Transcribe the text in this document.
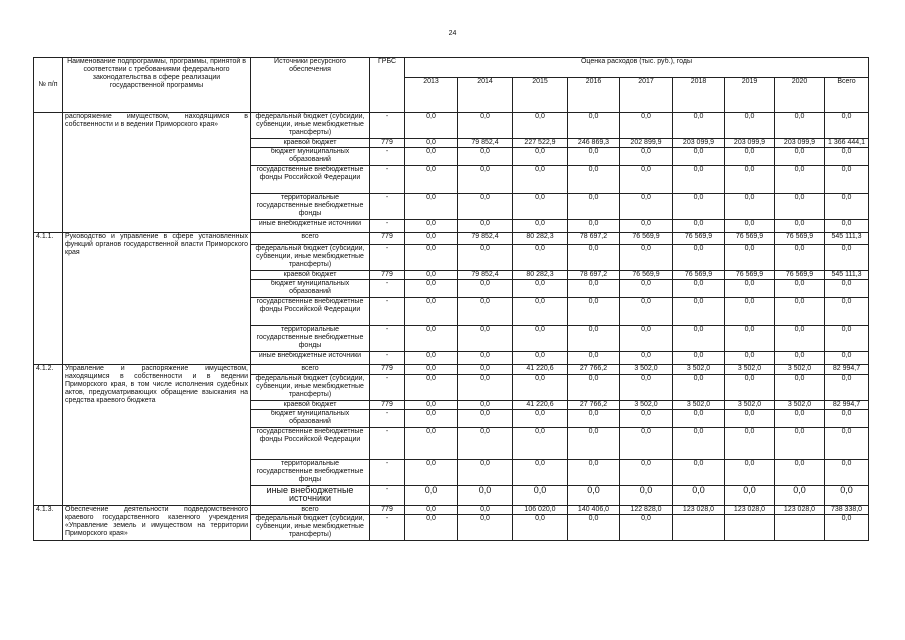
24
№ п/п	Наименование подпрограммы, программы, принятой в соответствии с требованиями федерального законодательства в сфере реализации государственной программы	Источники ресурсного обеспечения	ГРБС	Оценка расходов (тыс. руб.), годы								
				2013	2014	2015	2016	2017	2018	2019	2020	Всего
	распоряжение имуществом, находящимся в собственности и в ведении Приморского края»	федеральный бюджет (субсидии, субвенции, иные межбюджетные трансферты)	-	0,0	0,0	0,0	0,0	0,0	0,0	0,0	0,0	0,0
		краевой бюджет	779	0,0	79 852,4	227 522,9	246 869,3	202 899,9	203 099,9	203 099,9	203 099,9	1 366 444,1
		бюджет муниципальных образований	-	0,0	0,0	0,0	0,0	0,0	0,0	0,0	0,0	0,0
		государственные внебюджетные фонды Российской Федерации	-	0,0	0,0	0,0	0,0	0,0	0,0	0,0	0,0	0,0
		территориальные государственные внебюджетные фонды	-	0,0	0,0	0,0	0,0	0,0	0,0	0,0	0,0	0,0
		иные внебюджетные источники	-	0,0	0,0	0,0	0,0	0,0	0,0	0,0	0,0	0,0
4.1.1.	Руководство и управление в сфере установленных функций органов государственной власти Приморского края	всего	779	0,0	79 852,4	80 282,3	78 697,2	76 569,9	76 569,9	76 569,9	76 569,9	545 111,3
		федеральный бюджет (субсидии, субвенции, иные межбюджетные трансферты)	-	0,0	0,0	0,0	0,0	0,0	0,0	0,0	0,0	0,0
		краевой бюджет	779	0,0	79 852,4	80 282,3	78 697,2	76 569,9	76 569,9	76 569,9	76 569,9	545 111,3
		бюджет муниципальных образований	-	0,0	0,0	0,0	0,0	0,0	0,0	0,0	0,0	0,0
		государственные внебюджетные фонды Российской Федерации	-	0,0	0,0	0,0	0,0	0,0	0,0	0,0	0,0	0,0
		территориальные государственные внебюджетные фонды	-	0,0	0,0	0,0	0,0	0,0	0,0	0,0	0,0	0,0
		иные внебюджетные источники	-	0,0	0,0	0,0	0,0	0,0	0,0	0,0	0,0	0,0
4.1.2.	Управление и распоряжение имуществом, находящимся в собственности и в ведении Приморского края, в том числе исполнения судебных актов, предусматривающих обращение взыскания на средства краевого бюджета	всего	779	0,0	0,0	41 220,6	27 766,2	3 502,0	3 502,0	3 502,0	3 502,0	82 994,7
		федеральный бюджет (субсидии, субвенции, иные межбюджетные трансферты)	-	0,0	0,0	0,0	0,0	0,0	0,0	0,0	0,0	0,0
		краевой бюджет	779	0,0	0,0	41 220,6	27 766,2	3 502,0	3 502,0	3 502,0	3 502,0	82 994,7
		бюджет муниципальных образований	-	0,0	0,0	0,0	0,0	0,0	0,0	0,0	0,0	0,0
		государственные внебюджетные фонды Российской Федерации	-	0,0	0,0	0,0	0,0	0,0	0,0	0,0	0,0	0,0
		территориальные государственные внебюджетные фонды	-	0,0	0,0	0,0	0,0	0,0	0,0	0,0	0,0	0,0
		иные внебюджетные источники	-	0,0	0,0	0,0	0,0	0,0	0,0	0,0	0,0	0,0
4.1.3.	Обеспечение деятельности подведомственного краевого государственного казенного учреждения «Управление земель и имуществом на территории Приморского края»	всего	779	0,0	0,0	106 020,0	140 406,0	122 828,0	123 028,0	123 028,0	123 028,0	738 338,0
		федеральный бюджет (субсидии, субвенции, иные межбюджетные трансферты)	-	0,0	0,0	0,0	0,0	0,0				0,0
